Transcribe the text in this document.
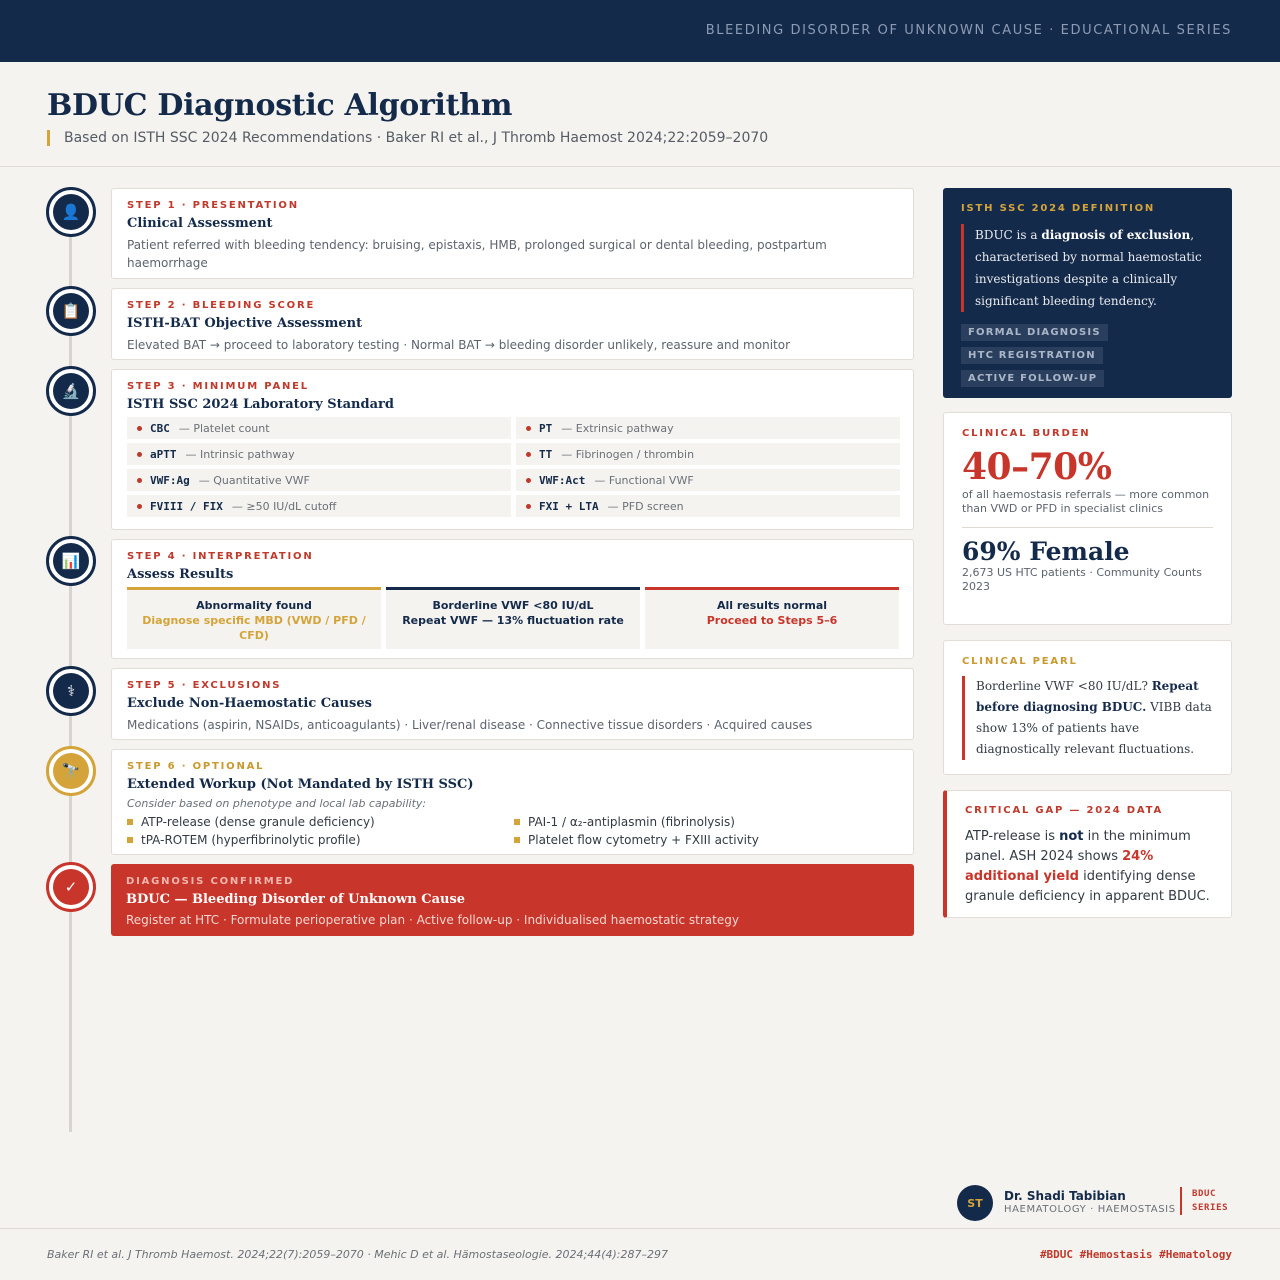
BLEEDING DISORDER OF UNKNOWN CAUSE · EDUCATIONAL SERIES
BDUC Diagnostic Algorithm
Based on ISTH SSC 2024 Recommendations · Baker RI et al., J Thromb Haemost 2024;22:2059–2070
👤	STEP 1 · PRESENTATION
Clinical Assessment
Patient referred with bleeding tendency: bruising, epistaxis, HMB, prolonged surgical or dental bleeding, postpartum haemorrhage
📋	STEP 2 · BLEEDING SCORE
ISTH-BAT Objective Assessment
Elevated BAT → proceed to laboratory testing · Normal BAT → bleeding disorder unlikely, reassure and monitor
🔬	STEP 3 · MINIMUM PANEL
ISTH SSC 2024 Laboratory Standard
CBC — Platelet count	PT — Extrinsic pathway
aPTT — Intrinsic pathway	TT — Fibrinogen / thrombin
VWF:Ag — Quantitative VWF	VWF:Act — Functional VWF
FVIII / FIX — ≥50 IU/dL cutoff	FXI + LTA — PFD screen
📊	STEP 4 · INTERPRETATION
Assess Results
Abnormality found
Diagnose specific MBD (VWD / PFD / CFD)
Borderline VWF <80 IU/dL
Repeat VWF — 13% fluctuation rate
All results normal
Proceed to Steps 5–6
⚕	STEP 5 · EXCLUSIONS
Exclude Non-Haemostatic Causes
Medications (aspirin, NSAIDs, anticoagulants) · Liver/renal disease · Connective tissue disorders · Acquired causes
🔭	STEP 6 · OPTIONAL
Extended Workup (Not Mandated by ISTH SSC)
Consider based on phenotype and local lab capability:
ATP-release (dense granule deficiency)	PAI-1 / α₂-antiplasmin (fibrinolysis)
tPA-ROTEM (hyperfibrinolytic profile)	Platelet flow cytometry + FXIII activity
✓	DIAGNOSIS CONFIRMED
BDUC — Bleeding Disorder of Unknown Cause
Register at HTC · Formulate perioperative plan · Active follow-up · Individualised haemostatic strategy
ISTH SSC 2024 DEFINITION
BDUC is a diagnosis of exclusion, characterised by normal haemostatic investigations despite a clinically significant bleeding tendency.
FORMAL DIAGNOSIS
HTC REGISTRATION
ACTIVE FOLLOW-UP
CLINICAL BURDEN
40–70%
of all haemostasis referrals — more common than VWD or PFD in specialist clinics
69% Female
2,673 US HTC patients · Community Counts 2023
CLINICAL PEARL
Borderline VWF <80 IU/dL? Repeat before diagnosing BDUC. VIBB data show 13% of patients have diagnostically relevant fluctuations.
CRITICAL GAP — 2024 DATA
ATP-release is not in the minimum panel. ASH 2024 shows 24% additional yield identifying dense granule deficiency in apparent BDUC.
ST	Dr. Shadi Tabibian
HAEMATOLOGY · HAEMOSTASIS
BDUC
SERIES
Baker RI et al. J Thromb Haemost. 2024;22(7):2059–2070 · Mehic D et al. Hämostaseologie. 2024;44(4):287–297	#BDUC #Hemostasis #Hematology
